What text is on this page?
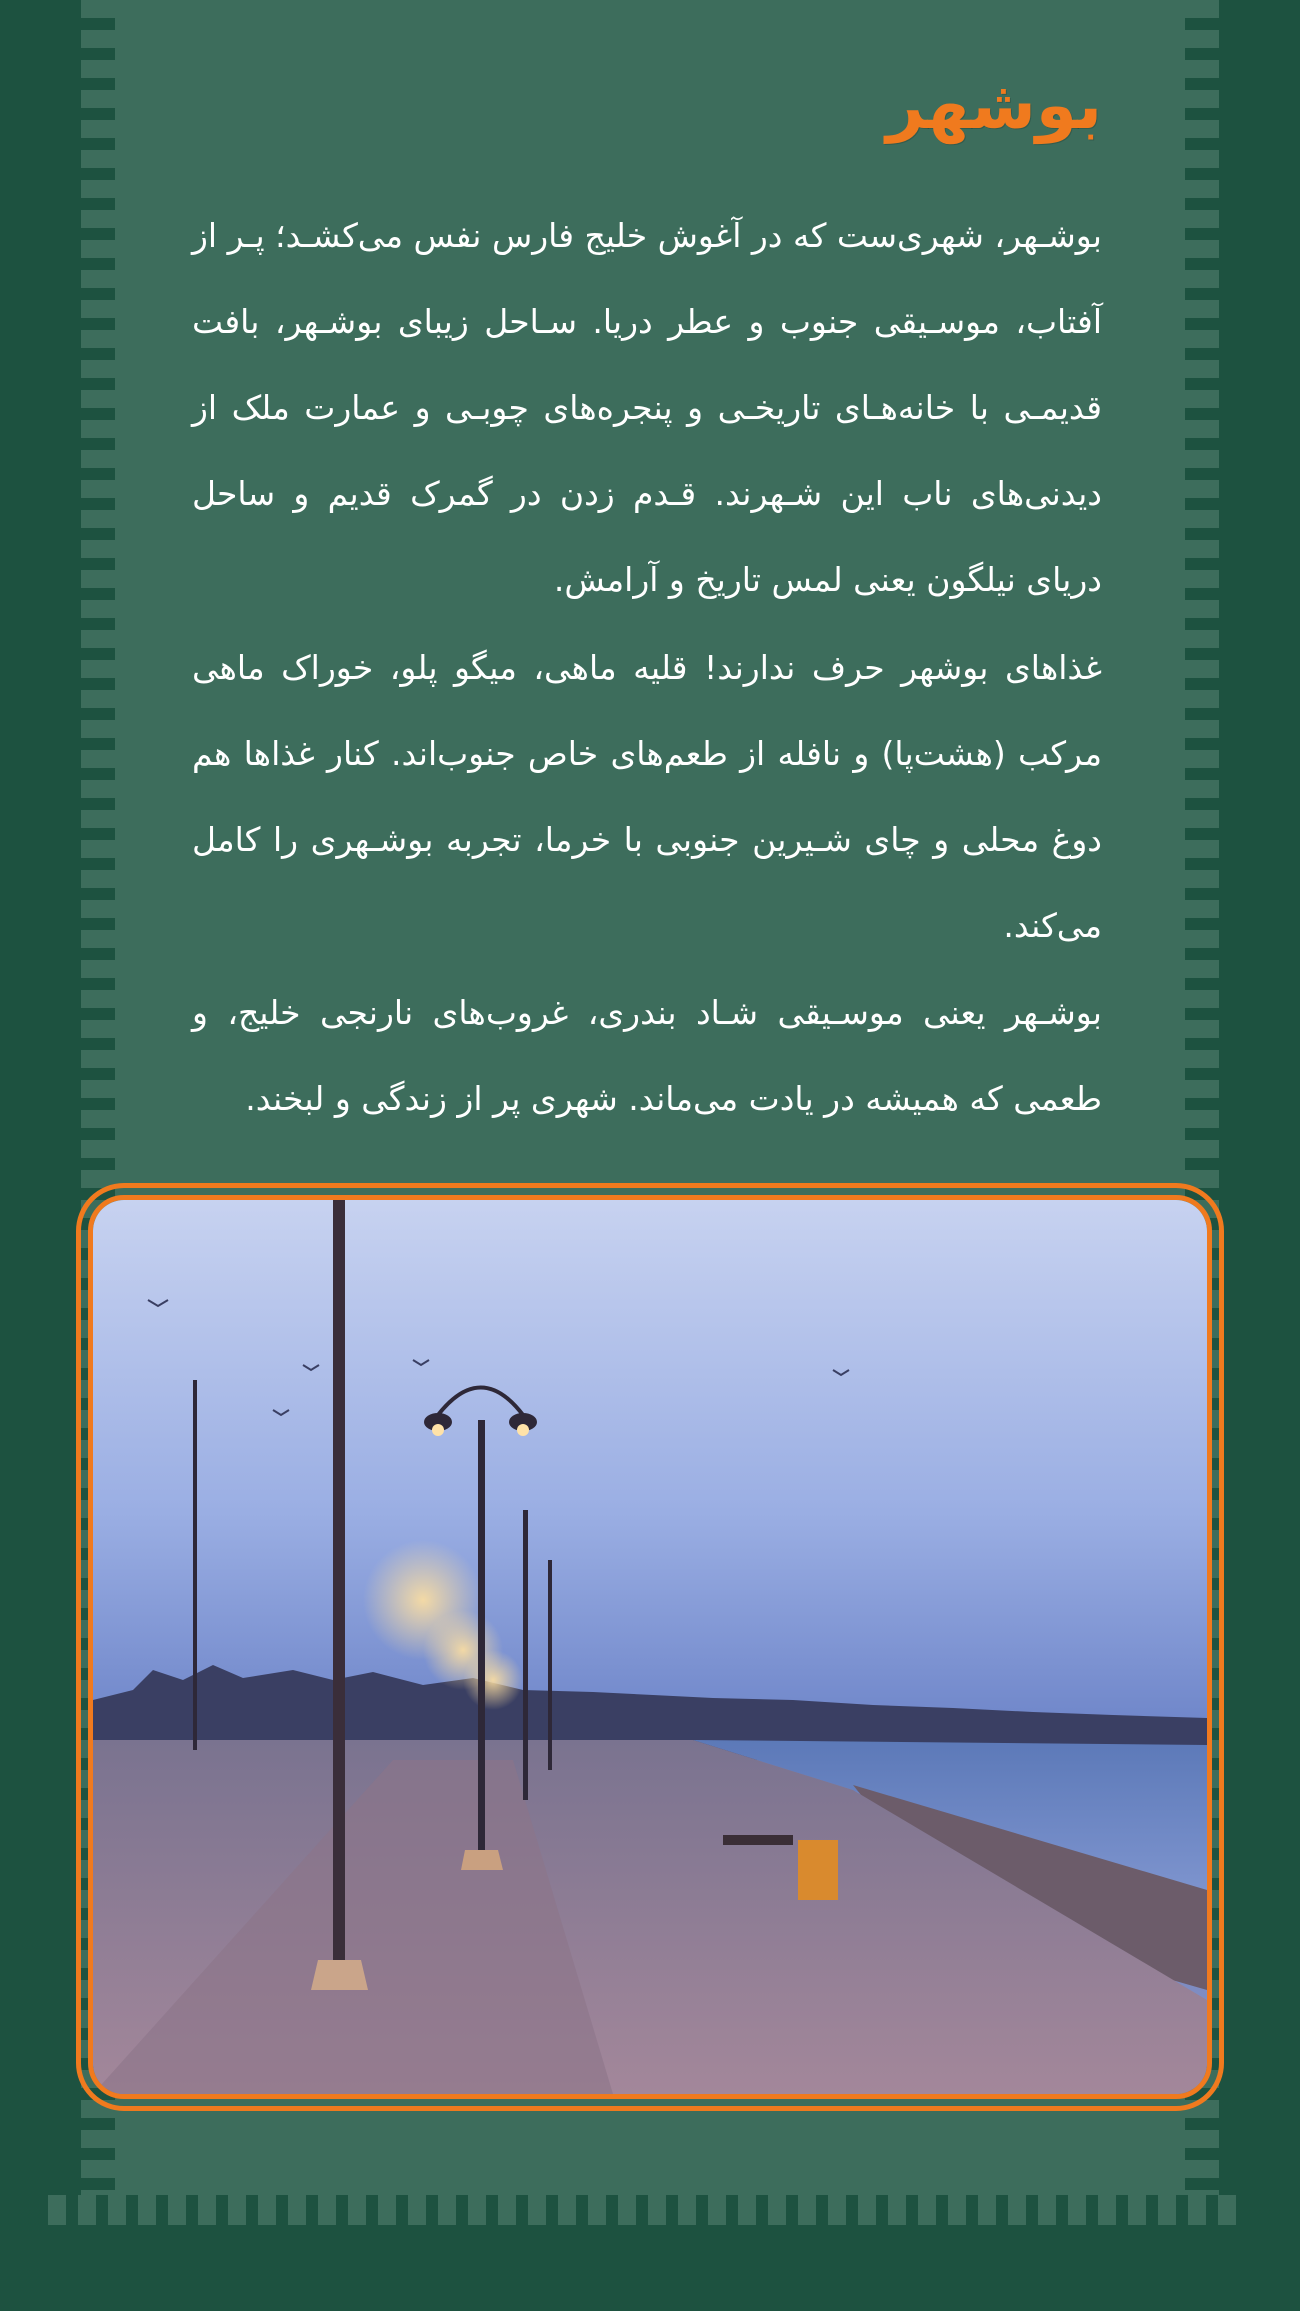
بوشهر

بوشـهر، شهری‌ست که در آغوش خلیج فارس نفس می‌کشـد؛ پـر از آفتاب، موسـیقی جنوب و عطر دریا. سـاحل زیبای بوشـهر، بافت قدیمـی با خانه‌هـای تاریخـی و پنجره‌های چوبـی و عمارت ملک از دیدنی‌های ناب این شـهرند. قـدم زدن در گمرک قدیم و ساحل دریای نیلگون یعنی لمس تاریخ و آرامش.

غذاهای بوشهر حرف ندارند! قلیه ماهی، میگو پلو، خوراک ماهی مرکب (هشت‌پا) و نافله از طعم‌های خاص جنوب‌اند. کنار غذاها هم دوغ محلی و چای شـیرین جنوبی با خرما، تجربه بوشـهری را کامل می‌کند.

بوشـهر یعنی موسـیقی شـاد بندری، غروب‌های نارنجی خلیج، و طعمی که همیشه در یادت می‌ماند. شهری پر از زندگی و لبخند.
